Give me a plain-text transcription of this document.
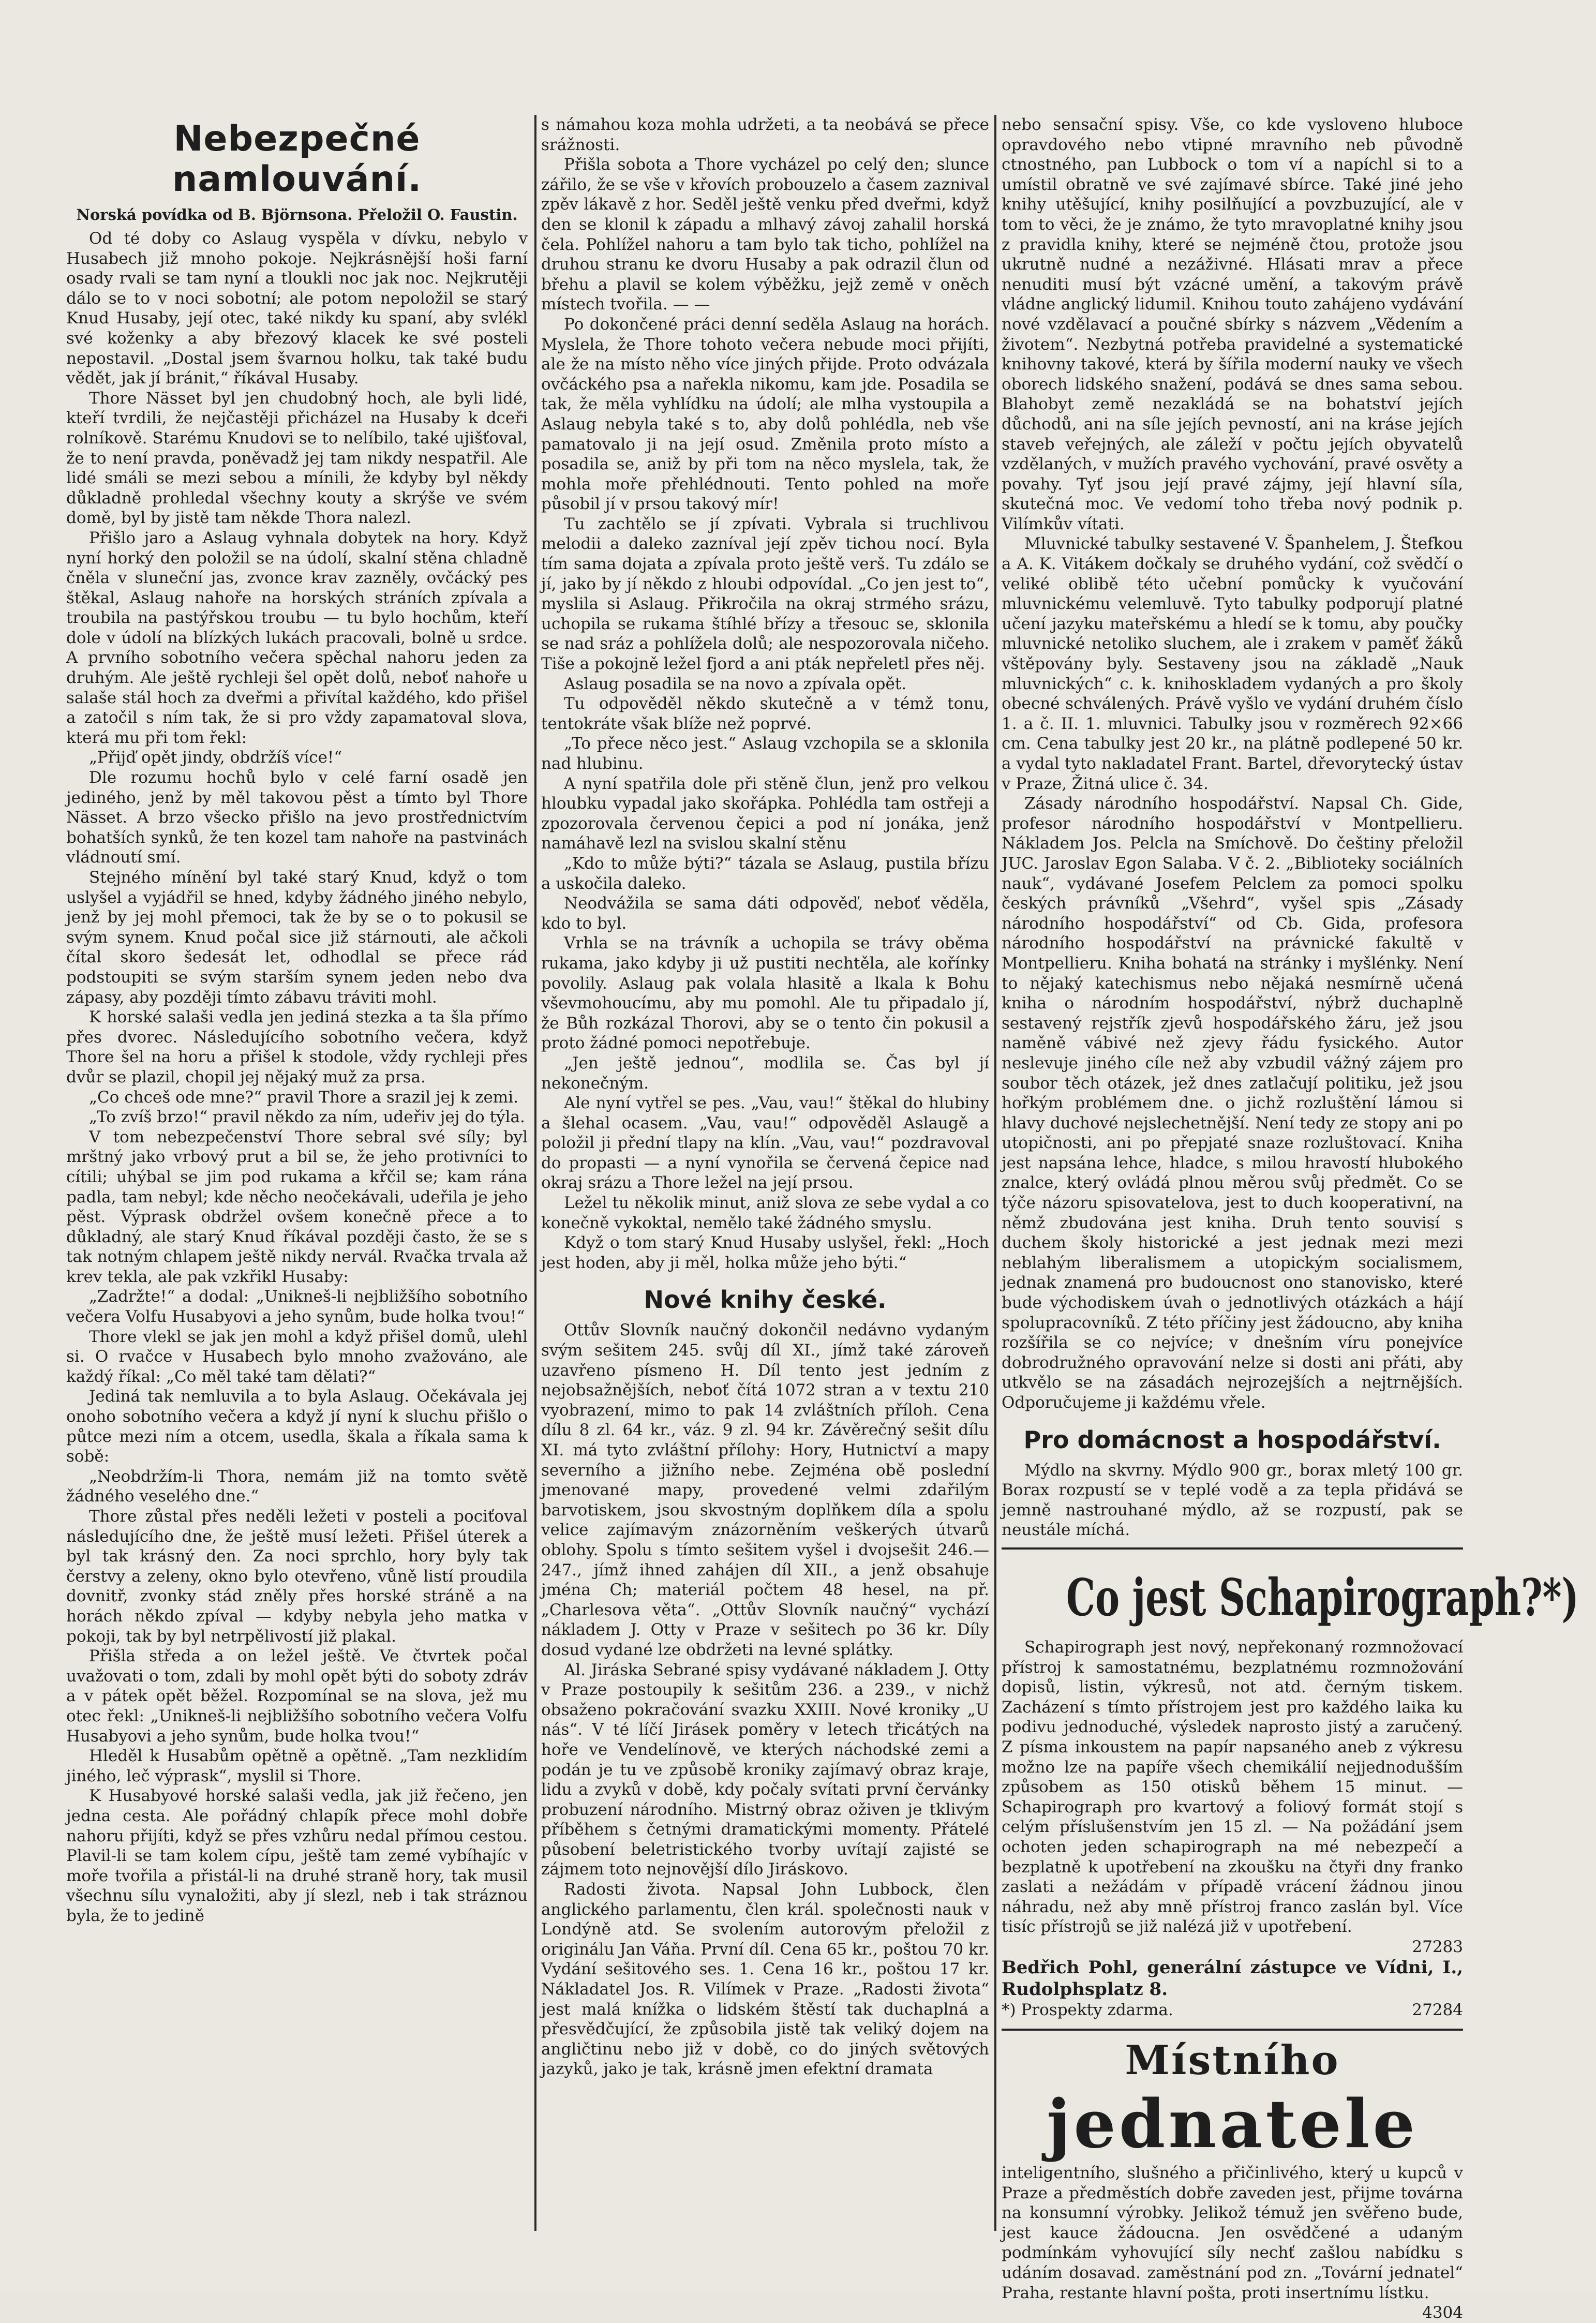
Nebezpečné namlouvání.
Norská povídka od B. Björnsona. Přeložil O. Faustin.

Od té doby co Aslaug vyspěla v dívku, nebylo v Husabech již mnoho pokoje. Nejkrásnější hoši farní osady rvali se tam nyní a tloukli noc jak noc. Nejkrutěji dálo se to v noci sobotní; ale potom nepoložil se starý Knud Husaby, její otec, také nikdy ku spaní, aby svlékl své koženky a aby březový klacek ke své posteli nepostavil. „Dostal jsem švarnou holku, tak také budu vědět, jak jí bránit,“ říkával Husaby.

Thore Nässet byl jen chudobný hoch, ale byli lidé, kteří tvrdili, že nejčastěji přicházel na Husaby k dceři rolníkově. Starému Knudovi se to nelíbilo, také ujišťoval, že to není pravda, poněvadž jej tam nikdy nespatřil. Ale lidé smáli se mezi sebou a mínili, že kdyby byl někdy důkladně prohledal všechny kouty a skrýše ve svém domě, byl by jistě tam někde Thora nalezl.

Přišlo jaro a Aslaug vyhnala dobytek na hory. Když nyní horký den položil se na údolí, skalní stěna chladně čněla v sluneční jas, zvonce krav zazněly, ovčácký pes štěkal, Aslaug nahoře na horských stráních zpívala a troubila na pastýřskou troubu — tu bylo hochům, kteří dole v údolí na blízkých lukách pracovali, bolně u srdce. A prvního sobotního večera spěchal nahoru jeden za druhým. Ale ještě rychleji šel opět dolů, neboť nahoře u salaše stál hoch za dveřmi a přivítal každého, kdo přišel a zatočil s ním tak, že si pro vždy zapamatoval slova, která mu při tom řekl:

„Přijď opět jindy, obdržíš více!“

Dle rozumu hochů bylo v celé farní osadě jen jediného, jenž by měl takovou pěst a tímto byl Thore Nässet. A brzo všecko přišlo na jevo prostřednictvím bohatších synků, že ten kozel tam nahoře na pastvinách vládnoutí smí.

Stejného mínění byl také starý Knud, když o tom uslyšel a vyjádřil se hned, kdyby žádného jiného nebylo, jenž by jej mohl přemoci, tak že by se o to pokusil se svým synem. Knud počal sice již stárnouti, ale ačkoli čítal skoro šedesát let, odhodlal se přece rád podstoupiti se svým starším synem jeden nebo dva zápasy, aby později tímto zábavu tráviti mohl.

K horské salaši vedla jen jediná stezka a ta šla přímo přes dvorec. Následujícího sobotního večera, když Thore šel na horu a přišel k stodole, vždy rychleji přes dvůr se plazil, chopil jej nějaký muž za prsa.

„Co chceš ode mne?“ pravil Thore a srazil jej k zemi.

„To zvíš brzo!“ pravil někdo za ním, udeřiv jej do týla.

V tom nebezpečenství Thore sebral své síly; byl mrštný jako vrbový prut a bil se, že jeho protivníci to cítili; uhýbal se jim pod rukama a křčil se; kam rána padla, tam nebyl; kde něcho neočekávali, udeřila je jeho pěst. Výprask obdržel ovšem konečně přece a to důkladný, ale starý Knud říkával později často, že se s tak notným chlapem ještě nikdy nervál. Rvačka trvala až krev tekla, ale pak vzkřikl Husaby:

„Zadržte!“ a dodal: „Unikneš-li nejbližšího sobotního večera Volfu Husabyovi a jeho synům, bude holka tvou!“

Thore vlekl se jak jen mohl a když přišel domů, ulehl si. O rvačce v Husabech bylo mnoho zvažováno, ale každý říkal: „Co měl také tam dělati?“

Jediná tak nemluvila a to byla Aslaug. Očekávala jej onoho sobotního večera a když jí nyní k sluchu přišlo o půtce mezi ním a otcem, usedla, škala a říkala sama k sobě:

„Neobdržím-li Thora, nemám již na tomto světě žádného veselého dne.“

Thore zůstal přes neděli ležeti v posteli a pociťoval následujícího dne, že ještě musí ležeti. Přišel úterek a byl tak krásný den. Za noci sprchlo, hory byly tak čerstvy a zeleny, okno bylo otevřeno, vůně listí proudila dovnitř, zvonky stád zněly přes horské stráně a na horách někdo zpíval — kdyby nebyla jeho matka v pokoji, tak by byl netrpělivostí již plakal.

Přišla středa a on ležel ještě. Ve čtvrtek počal uvažovati o tom, zdali by mohl opět býti do soboty zdráv a v pátek opět běžel. Rozpomínal se na slova, jež mu otec řekl: „Unikneš-li nejbližšího sobotního večera Volfu Husabyovi a jeho synům, bude holka tvou!“

Hleděl k Husabům opětně a opětně. „Tam nezklidím jiného, leč výprask“, myslil si Thore.

K Husabyové horské salaši vedla, jak již řečeno, jen jedna cesta. Ale pořádný chlapík přece mohl dobře nahoru přijíti, když se přes vzhůru nedal přímou cestou. Plavil-li se tam kolem cípu, ještě tam zemé vybíhajíc v moře tvořila a přistál-li na druhé straně hory, tak musil všechnu sílu vynaložiti, aby jí slezl, neb i tak stráznou byla, že to jedině

s námahou koza mohla udržeti, a ta neobává se přece srážnosti.

Přišla sobota a Thore vycházel po celý den; slunce zářilo, že se vše v křovích probouzelo a časem zaznival zpěv lákavě z hor. Seděl ještě venku před dveřmi, když den se klonil k západu a mlhavý závoj zahalil horská čela. Pohlížel nahoru a tam bylo tak ticho, pohlížel na druhou stranu ke dvoru Husaby a pak odrazil člun od břehu a plavil se kolem výběžku, jejž země v oněch místech tvořila. — —

Po dokončené práci denní seděla Aslaug na horách. Myslela, že Thore tohoto večera nebude moci přijíti, ale že na místo něho více jiných přijde. Proto odvázala ovčáckého psa a nařekla nikomu, kam jde. Posadila se tak, že měla vyhlídku na údolí; ale mlha vystoupila a Aslaug nebyla také s to, aby dolů pohlédla, neb vše pamatovalo ji na její osud. Změnila proto místo a posadila se, aniž by při tom na něco myslela, tak, že mohla moře přehlédnouti. Tento pohled na moře působil jí v prsou takový mír!

Tu zachtělo se jí zpívati. Vybrala si truchlivou melodii a daleko zazníval její zpěv tichou nocí. Byla tím sama dojata a zpívala proto ještě verš. Tu zdálo se jí, jako by jí někdo z hloubi odpovídal. „Co jen jest to“, myslila si Aslaug. Přikročila na okraj strmého srázu, uchopila se rukama štíhlé břízy a třesouc se, sklonila se nad sráz a pohlížela dolů; ale nespozorovala ničeho. Tiše a pokojně ležel fjord a ani pták nepřeletl přes něj.

Aslaug posadila se na novo a zpívala opět.

Tu odpověděl někdo skutečně a v témž tonu, tentokráte však blíže než poprvé.

„To přece něco jest.“ Aslaug vzchopila se a sklonila nad hlubinu.

A nyní spatřila dole při stěně člun, jenž pro velkou hloubku vypadal jako skořápka. Pohlédla tam ostřeji a zpozorovala červenou čepici a pod ní jonáka, jenž namáhavě lezl na svislou skalní stěnu

„Kdo to může býti?“ tázala se Aslaug, pustila břízu a uskočila daleko.

Neodvážila se sama dáti odpověď, neboť věděla, kdo to byl.

Vrhla se na trávník a uchopila se trávy oběma rukama, jako kdyby ji už pustiti nechtěla, ale kořínky povolily. Aslaug pak volala hlasitě a lkala k Bohu vševmohoucímu, aby mu pomohl. Ale tu připadalo jí, že Bůh rozkázal Thorovi, aby se o tento čin pokusil a proto žádné pomoci nepotřebuje.

„Jen ještě jednou“, modlila se. Čas byl jí nekonečným.

Ale nyní vytřel se pes. „Vau, vau!“ štěkal do hlubiny a šlehal ocasem. „Vau, vau!“ odpověděl Aslaugě a položil ji přední tlapy na klín. „Vau, vau!“ pozdravoval do propasti — a nyní vynořila se červená čepice nad okraj srázu a Thore ležel na její prsou.

Ležel tu několik minut, aniž slova ze sebe vydal a co konečně vykoktal, nemělo také žádného smyslu.

Když o tom starý Knud Husaby uslyšel, řekl: „Hoch jest hoden, aby ji měl, holka může jeho býti.“

Nové knihy české.

Ottův Slovník naučný dokončil nedávno vydaným svým sešitem 245. svůj díl XI., jímž také zároveň uzavřeno písmeno H. Díl tento jest jedním z nejobsažnějších, neboť čítá 1072 stran a v textu 210 vyobrazení, mimo to pak 14 zvláštních příloh. Cena dílu 8 zl. 64 kr., váz. 9 zl. 94 kr. Závěrečný sešit dílu XI. má tyto zvláštní přílohy: Hory, Hutnictví a mapy severního a jižního nebe. Zejména obě poslední jmenované mapy, provedené velmi zdařilým barvotiskem, jsou skvostným doplňkem díla a spolu velice zajímavým znázorněním veškerých útvarů oblohy. Spolu s tímto sešitem vyšel i dvojsešit 246.—247., jímž ihned zahájen díl XII., a jenž obsahuje jména Ch; materiál počtem 48 hesel, na př. „Charlesova věta“. „Ottův Slovník naučný“ vychází nákladem J. Otty v Praze v sešitech po 36 kr. Díly dosud vydané lze obdržeti na levné splátky.

Al. Jiráska Sebrané spisy vydávané nákladem J. Otty v Praze postoupily k sešitům 236. a 239., v nichž obsaženo pokračování svazku XXIII. Nové kroniky „U nás“. V té líčí Jirásek poměry v letech třicátých na hoře ve Vendelínově, ve kterých náchodské zemi a podán je tu ve způsobě kroniky zajímavý obraz kraje, lidu a zvyků v době, kdy počaly svítati první červánky probuzení národního. Mistrný obraz oživen je tklivým příběhem s četnými dramatickými momenty. Přátelé působení beletristického tvorby uvítají zajisté se zájmem toto nejnovější dílo Jiráskovo.

Radosti života. Napsal John Lubbock, člen anglického parlamentu, člen král. společnosti nauk v Londýně atd. Se svolením autorovým přeložil z originálu Jan Váňa. První díl. Cena 65 kr., poštou 70 kr. Vydání sešitového ses. 1. Cena 16 kr., poštou 17 kr. Nákladatel Jos. R. Vilímek v Praze. „Radosti života“ jest malá knížka o lidském štěstí tak duchaplná a přesvědčující, že způsobila jistě tak veliký dojem na angličtinu nebo již v době, co do jiných světových jazyků, jako je tak, krásně jmen efektní dramata

nebo sensační spisy. Vše, co kde vysloveno hluboce opravdového nebo vtipné mravního neb původně ctnostného, pan Lubbock o tom ví a napíchl si to a umístil obratně ve své zajímavé sbírce. Také jiné jeho knihy utěšující, knihy posilňující a povzbuzující, ale v tom to věci, že je známo, že tyto mravoplatné knihy jsou z pravidla knihy, které se nejméně čtou, protože jsou ukrutně nudné a nezáživné. Hlásati mrav a přece nenuditi musí být vzácné umění, a takovým právě vládne anglický lidumil. Knihou touto zahájeno vydávání nové vzdělavací a poučné sbírky s názvem „Vědením a životem“. Nezbytná potřeba pravidelné a systematické knihovny takové, která by šířila moderní nauky ve všech oborech lidského snažení, podává se dnes sama sebou. Blahobyt země nezakládá se na bohatství jejích důchodů, ani na síle jejích pevností, ani na kráse jejích staveb veřejných, ale záleží v počtu jejích obyvatelů vzdělaných, v mužích pravého vychování, pravé osvěty a povahy. Tyť jsou její pravé zájmy, její hlavní síla, skutečná moc. Ve vedomí toho třeba nový podnik p. Vilímkův vítati.

Mluvnické tabulky sestavené V. Španhelem, J. Štefkou a A. K. Vitákem dočkaly se druhého vydání, což svědčí o veliké oblibě této učební pomůcky k vyučování mluvnickému velemluvě. Tyto tabulky podporují platné učení jazyku mateřskému a hledí se k tomu, aby poučky mluvnické netoliko sluchem, ale i zrakem v paměť žáků vštěpovány byly. Sestaveny jsou na základě „Nauk mluvnických“ c. k. knihoskladem vydaných a pro školy obecné schválených. Právě vyšlo ve vydání druhém číslo 1. a č. II. 1. mluvnici. Tabulky jsou v rozměrech 92×66 cm. Cena tabulky jest 20 kr., na plátně podlepené 50 kr. a vydal tyto nakladatel Frant. Bartel, dřevorytecký ústav v Praze, Žitná ulice č. 34.

Zásady národního hospodářství. Napsal Ch. Gide, profesor národního hospodářství v Montpellieru. Nákladem Jos. Pelcla na Smíchově. Do češtiny přeložil JUC. Jaroslav Egon Salaba. V č. 2. „Biblioteky sociálních nauk“, vydávané Josefem Pelclem za pomoci spolku českých právníků „Všehrd“, vyšel spis „Zásady národního hospodářství“ od Cb. Gida, profesora národního hospodářství na právnické fakultě v Montpellieru. Kniha bohatá na stránky i myšlénky. Není to nějaký katechismus nebo nějaká nesmírně učená kniha o národním hospodářství, nýbrž duchaplně sestavený rejstřík zjevů hospodářského žáru, jež jsou naměně vábivé než zjevy řádu fysického. Autor neslevuje jiného cíle než aby vzbudil vážný zájem pro soubor těch otázek, jež dnes zatlačují politiku, jež jsou hořkým problémem dne. o jichž rozluštění lámou si hlavy duchové nejslechetnější. Není tedy ze stopy ani po utopičnosti, ani po přepjaté snaze rozluštovací. Kniha jest napsána lehce, hladce, s milou hravostí hlubokého znalce, který ovládá plnou měrou svůj předmět. Co se týče názoru spisovatelova, jest to duch kooperativní, na němž zbudována jest kniha. Druh tento souvisí s duchem školy historické a jest jednak mezi mezi neblahým liberalismem a utopickým socialismem, jednak znamená pro budoucnost ono stanovisko, které bude východiskem úvah o jednotlivých otázkách a hájí spolupracovníků. Z této příčiny jest žádoucno, aby kniha rozšířila se co nejvíce; v dnešním víru ponejvíce dobrodružného opravování nelze si dosti ani přáti, aby utkvělo se na zásadách nejrozejších a nejtrnějších. Odporučujeme ji každému vřele.

Pro domácnost a hospodářství.

Mýdlo na skvrny. Mýdlo 900 gr., borax mletý 100 gr. Borax rozpustí se v teplé vodě a za tepla přidává se jemně nastrouhané mýdlo, až se rozpustí, pak se neustále míchá.

Co jest Schapirograph?*)

Schapirograph jest nový, nepřekonaný rozmnožovací přístroj k samostatnému, bezplatnému rozmnožování dopisů, listin, výkresů, not atd. černým tiskem. Zacházení s tímto přístrojem jest pro každého laika ku podivu jednoduché, výsledek naprosto jistý a zaručený. Z písma inkoustem na papír napsaného aneb z výkresu možno lze na papíře všech chemikálií nejjednodušším způsobem as 150 otisků během 15 minut. — Schapirograph pro kvartový a foliový formát stojí s celým příslušenstvím jen 15 zl. — Na požádání jsem ochoten jeden schapirograph na mé nebezpečí a bezplatně k upotřebení na zkoušku na čtyři dny franko zaslati a nežádám v případě vrácení žádnou jinou náhradu, než aby mně přístroj franco zaslán byl. Více tisíc přístrojů se již nalézá již v upotřebení.

27283
Bedřich Pohl, generální zástupce ve Vídni, I., Rudolphsplatz 8.
*) Prospekty zdarma.	27284
Místního
jednatele

inteligentního, slušného a přičinlivého, který u kupců v Praze a předměstích dobře zaveden jest, přijme továrna na konsumní výrobky. Jelikož témuž jen svěřeno bude, jest kauce žádoucna. Jen osvědčené a udaným podmínkám vyhovující síly nechť zašlou nabídku s udáním dosavad. zaměstnání pod zn. „Tovární jednatel“ Praha, restante hlavní pošta, proti insertnímu lístku.

4304
